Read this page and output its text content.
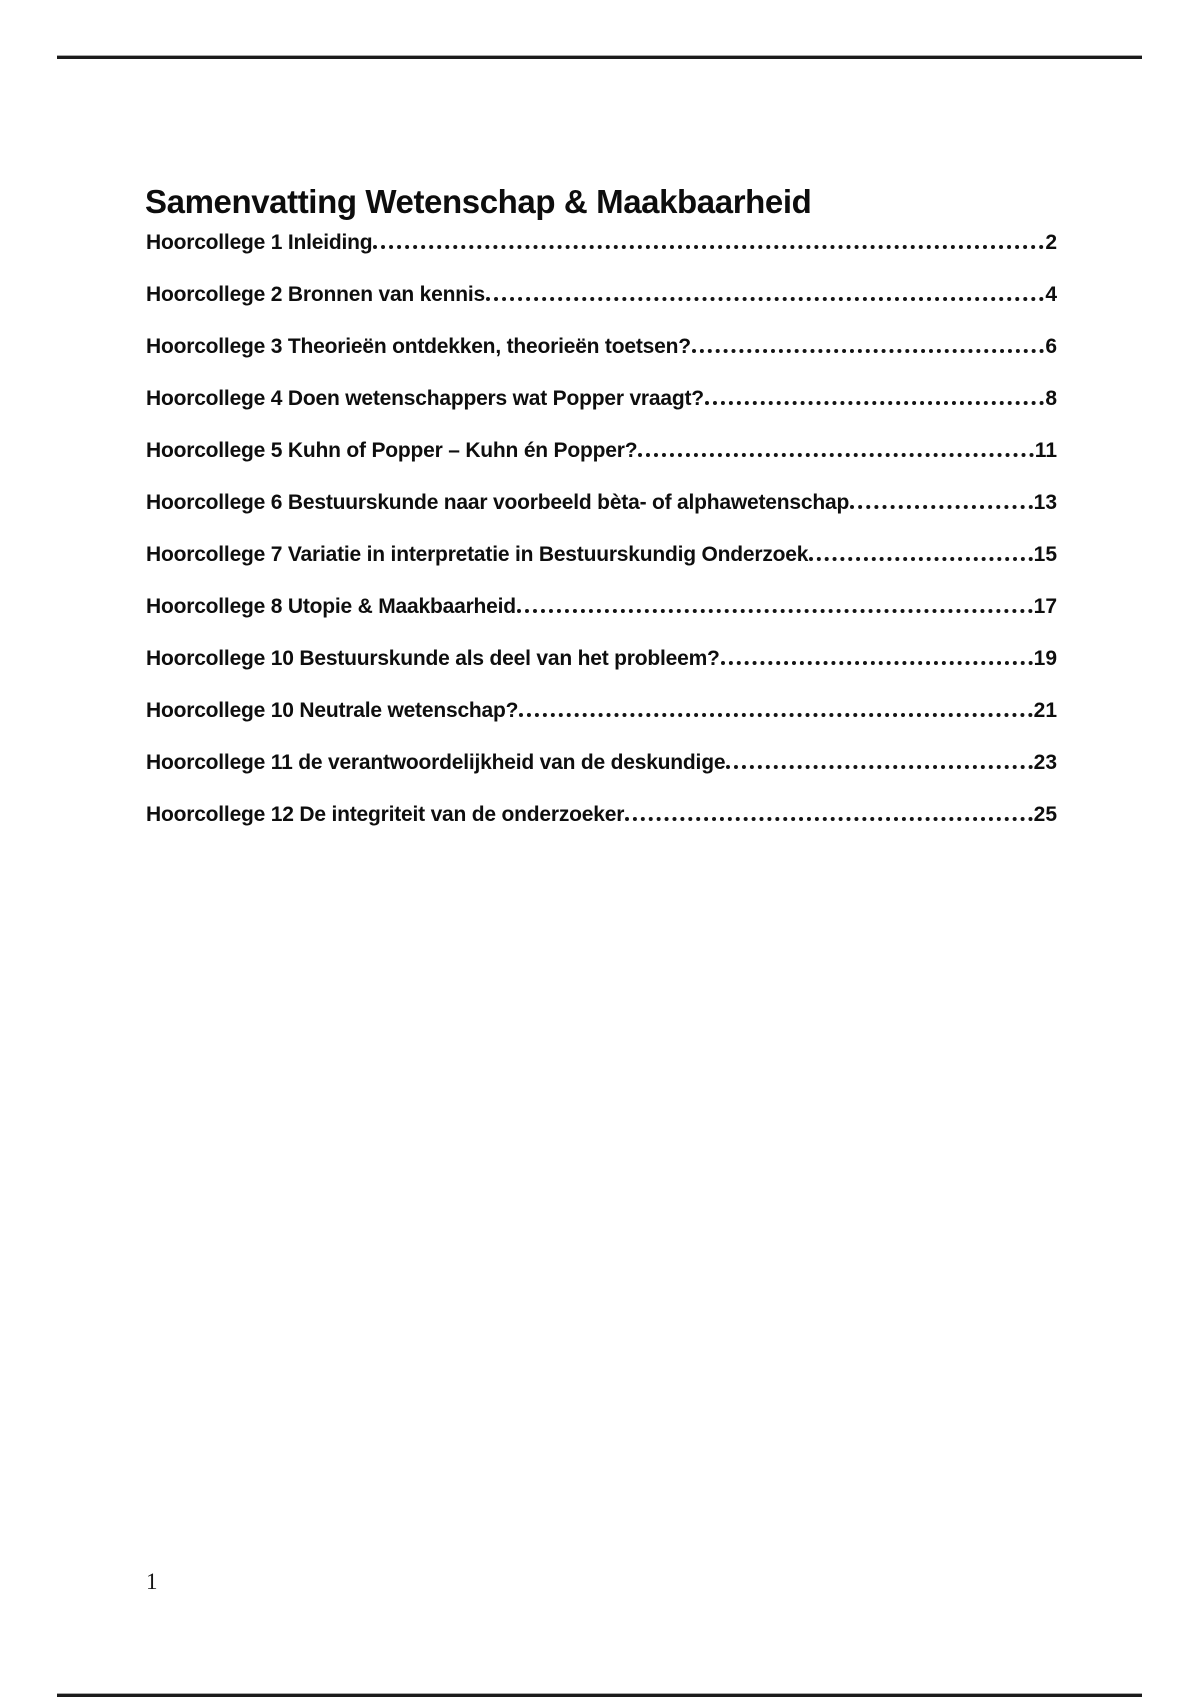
Samenvatting Wetenschap & Maakbaarheid
Hoorcollege 1 Inleiding	2
Hoorcollege 2 Bronnen van kennis	4
Hoorcollege 3 Theorieën ontdekken, theorieën toetsen?	6
Hoorcollege 4 Doen wetenschappers wat Popper vraagt?	8
Hoorcollege 5 Kuhn of Popper – Kuhn én Popper?	11
Hoorcollege 6 Bestuurskunde naar voorbeeld bèta- of alphawetenschap	13
Hoorcollege 7 Variatie in interpretatie in Bestuurskundig Onderzoek	15
Hoorcollege 8 Utopie & Maakbaarheid	17
Hoorcollege 10 Bestuurskunde als deel van het probleem?	19
Hoorcollege 10 Neutrale wetenschap?	21
Hoorcollege 11 de verantwoordelijkheid van de deskundige	23
Hoorcollege 12 De integriteit van de onderzoeker	25
1
